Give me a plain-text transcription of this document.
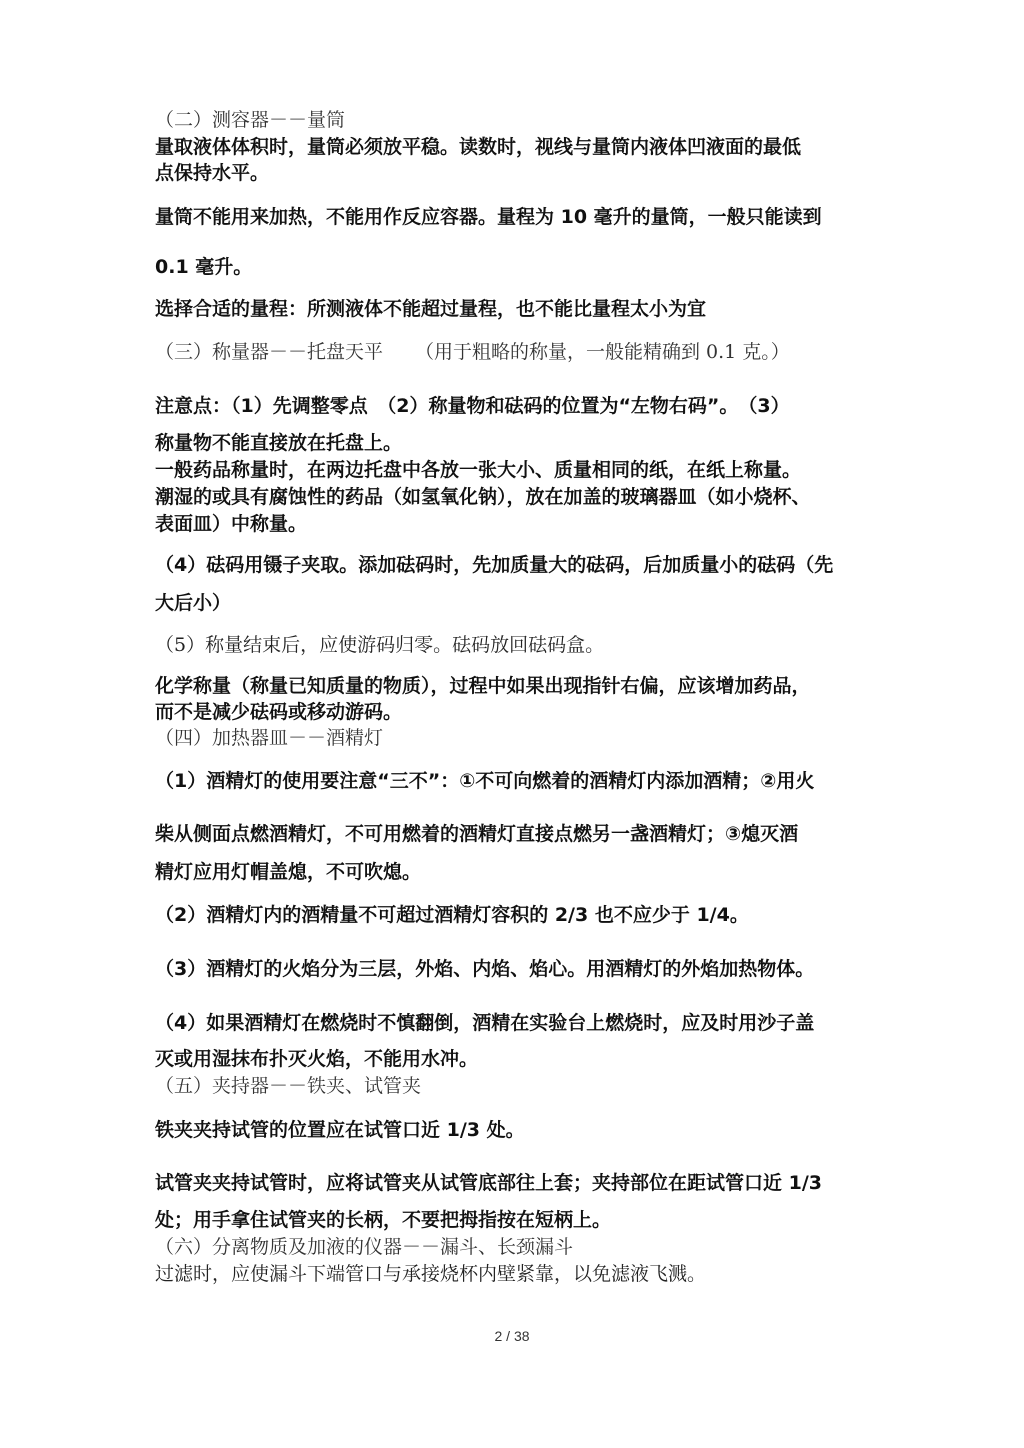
（二）测容器－－量筒
量取液体体积时，量筒必须放平稳。读数时，视线与量筒内液体凹液面的最低
点保持水平。
量筒不能用来加热，不能用作反应容器。量程为 10 毫升的量筒，一般只能读到
0.1 毫升。
选择合适的量程：所测液体不能超过量程，也不能比量程太小为宜
（三）称量器－－托盘天平 （用于粗略的称量，一般能精确到 0.1 克。）
注意点：（1）先调整零点　（2）称量物和砝码的位置为“左物右码”。　（3）
称量物不能直接放在托盘上。
一般药品称量时，在两边托盘中各放一张大小、质量相同的纸，在纸上称量。
潮湿的或具有腐蚀性的药品（如氢氧化钠），放在加盖的玻璃器皿（如小烧杯、
表面皿）中称量。
（4）砝码用镊子夹取。添加砝码时，先加质量大的砝码，后加质量小的砝码（先
大后小）
（5）称量结束后，应使游码归零。砝码放回砝码盒。
化学称量（称量已知质量的物质），过程中如果出现指针右偏，应该增加药品，
而不是减少砝码或移动游码。
（四）加热器皿－－酒精灯
（1）酒精灯的使用要注意“三不”：①不可向燃着的酒精灯内添加酒精；②用火
柴从侧面点燃酒精灯，不可用燃着的酒精灯直接点燃另一盏酒精灯；③熄灭酒
精灯应用灯帽盖熄，不可吹熄。
（2）酒精灯内的酒精量不可超过酒精灯容积的 2/3 也不应少于 1/4。
（3）酒精灯的火焰分为三层，外焰、内焰、焰心。用酒精灯的外焰加热物体。
（4）如果酒精灯在燃烧时不慎翻倒，酒精在实验台上燃烧时，应及时用沙子盖
灭或用湿抹布扑灭火焰，不能用水冲。
（五）夹持器－－铁夹、试管夹
铁夹夹持试管的位置应在试管口近 1/3 处。
试管夹夹持试管时，应将试管夹从试管底部往上套；夹持部位在距试管口近 1/3
处；用手拿住试管夹的长柄，不要把拇指按在短柄上。
（六）分离物质及加液的仪器－－漏斗、长颈漏斗
过滤时，应使漏斗下端管口与承接烧杯内壁紧靠，以免滤液飞溅。
2 / 38
